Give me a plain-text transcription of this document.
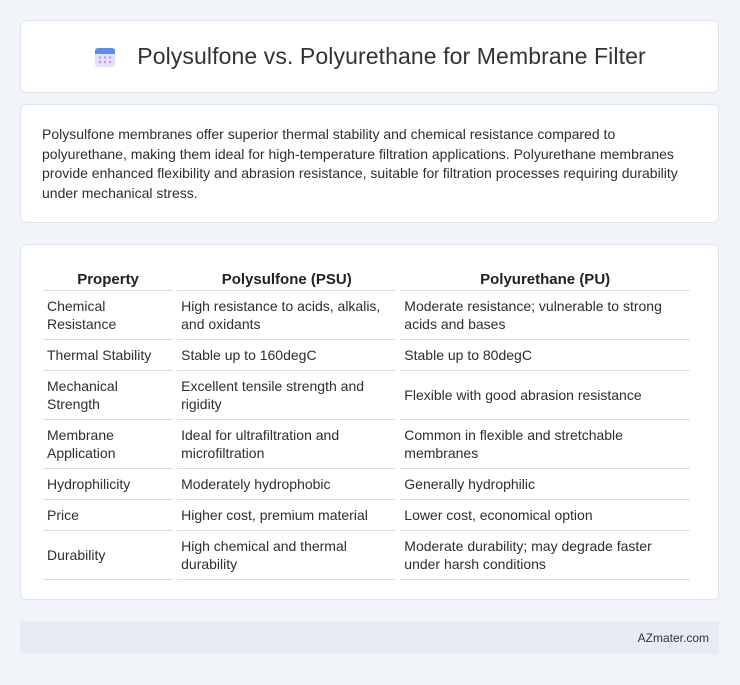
Polysulfone vs. Polyurethane for Membrane Filter

Polysulfone membranes offer superior thermal stability and chemical resistance compared to polyurethane, making them ideal for high-temperature filtration applications. Polyurethane membranes provide enhanced flexibility and abrasion resistance, suitable for filtration processes requiring durability under mechanical stress.

Property	Polysulfone (PSU)	Polyurethane (PU)
Chemical Resistance	High resistance to acids, alkalis, and oxidants	Moderate resistance; vulnerable to strong acids and bases
Thermal Stability	Stable up to 160degC	Stable up to 80degC
Mechanical Strength	Excellent tensile strength and rigidity	Flexible with good abrasion resistance
Membrane Application	Ideal for ultrafiltration and microfiltration	Common in flexible and stretchable membranes
Hydrophilicity	Moderately hydrophobic	Generally hydrophilic
Price	Higher cost, premium material	Lower cost, economical option
Durability	High chemical and thermal durability	Moderate durability; may degrade faster under harsh conditions
AZmater.com
